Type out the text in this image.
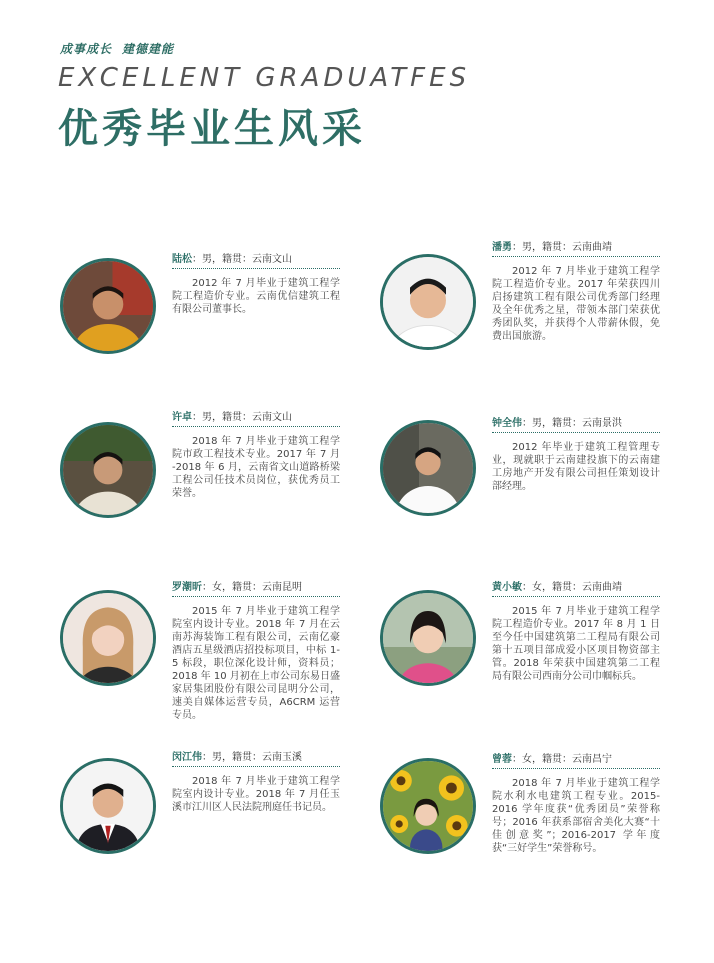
成事成长 建德建能
EXCELLENT GRADUATFES
优秀毕业生风采
陆松：男，籍贯：云南文山
2012 年 7 月毕业于建筑工程学院工程造价专业。云南优信建筑工程有限公司董事长。
潘勇：男，籍贯：云南曲靖
2012 年 7 月毕业于建筑工程学院工程造价专业。2017 年荣获四川启扬建筑工程有限公司优秀部门经理及全年优秀之星，带领本部门荣获优秀团队奖，并获得个人带薪休假，免费出国旅游。
许卓：男，籍贯：云南文山
2018 年 7 月毕业于建筑工程学院市政工程技术专业。2017 年 7 月 -2018 年 6 月，云南省文山道路桥梁工程公司任技术员岗位，获优秀员工荣誉。
钟全伟：男，籍贯：云南景洪
2012 年毕业于建筑工程管理专业，现就职于云南建投旗下的云南建工房地产开发有限公司担任策划设计部经理。
罗潮昕：女，籍贯：云南昆明
2015 年 7 月毕业于建筑工程学院室内设计专业。2018 年 7 月在云南苏海装饰工程有限公司，云南亿豪酒店五星级酒店招投标项目，中标 1-5 标段，职位深化设计师，资料员；2018 年 10 月初在上市公司东易日盛家居集团股份有限公司昆明分公司，速美自媒体运营专员，A6CRM 运营专员。
黄小敏：女，籍贯：云南曲靖
2015 年 7 月毕业于建筑工程学院工程造价专业。2017 年 8 月 1 日至今任中国建筑第二工程局有限公司第十五项目部成爱小区项目物资部主管。2018 年荣获中国建筑第二工程局有限公司西南分公司巾帼标兵。
闵江伟：男，籍贯：云南玉溪
2018 年 7 月毕业于建筑工程学院室内设计专业。2018 年 7 月任玉溪市江川区人民法院刑庭任书记员。
曾蓉：女，籍贯：云南昌宁
2018 年 7 月毕业于建筑工程学院水利水电建筑工程专业。2015-2016 学年度获“优秀团员”荣誉称号；2016 年获系部宿舍美化大赛“十佳创意奖”；2016-2017 学年度获“三好学生”荣誉称号。
